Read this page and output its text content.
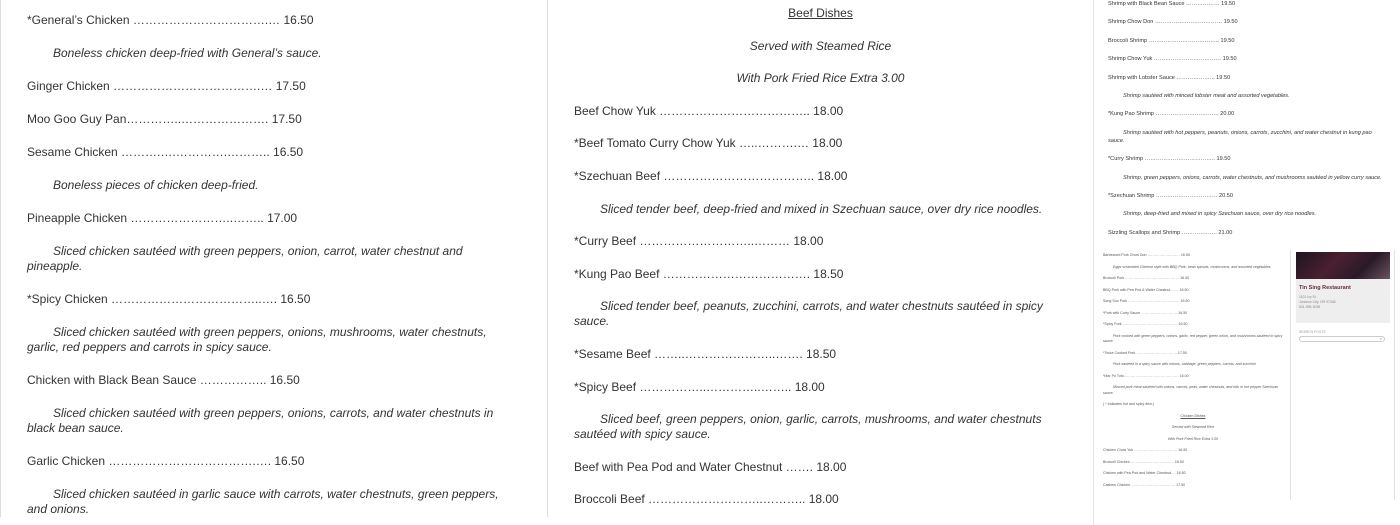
*General’s Chicken …………………………….… 16.50

Boneless chicken deep-fried with General’s sauce.

Ginger Chicken ……………………………….… 17.50

Moo Goo Guy Pan…………..…………………. 17.50

Sesame Chicken ……….….………….……….. 16.50

Boneless pieces of chicken deep-fried.

Pineapple Chicken ……………………..…….. 17.00

Sliced chicken sautéed with green peppers, onion, carrot, water chestnut and pineapple.

*Spicy Chicken ………………………………..…. 16.50

Sliced chicken sautéed with green peppers, onions, mushrooms, water chestnuts, garlic, red peppers and carrots in spicy sauce.

Chicken with Black Bean Sauce …………….. 16.50

Sliced chicken sautéed with green peppers, onions, carrots, and water chestnuts in black bean sauce.

Garlic Chicken ……………………………….…. 16.50

Sliced chicken sautéed in garlic sauce with carrots, water chestnuts, green peppers, and onions.

Beef Dishes

Served with Steamed Rice

With Pork Fried Rice Extra 3.00

Beef Chow Yuk ……………………………….. 18.00

*Beef Tomato Curry Chow Yuk …..……….… 18.00

*Szechuan Beef ……………………………….. 18.00

Sliced tender beef, deep-fried and mixed in Szechuan sauce, over dry rice noodles.

*Curry Beef ………………………..……… 18.00

*Kung Pao Beef ………………………………. 18.50

Sliced tender beef, peanuts, zucchini, carrots, and water chestnuts sautéed in spicy sauce.

*Sesame Beef ……..…………………..……. 18.50

*Spicy Beef ……………..…………..…….. 18.00

Sliced beef, green peppers, onion, garlic, carrots, mushrooms, and water chestnuts sautéed with spicy sauce.

Beef with Pea Pod and Water Chestnut ……. 18.00

Broccoli Beef ………………………..……….. 18.00

Shrimp with Black Bean Sauce ……………… 19.50

Shrimp Chow Don ……………………………… 19.50

Broccoli Shrimp ……………………………….. 19.50

Shrimp Chow Yuk ……………………………… 19.50

Shrimp with Lobster Sauce …………….….. 19.50

Shrimp sautéed with minced lobster meat and assorted vegetables.

*Kung Pao Shrimp ……………………………. 20.00

Shrimp sautéed with hot peppers, peanuts, onions, carrots, zucchini, and water chestnut in kung pao sauce.

*Curry Shrimp ……………………………….. 19.50

Shrimp, green peppers, onions, carrots, water chestnuts, and mushrooms sautéed in yellow curry sauce.

*Szechuan Shrimp …………………………… 20.50

Shrimp, deep-fried and mixed in spicy Szechuan sauce, over dry rice noodles.

Sizzling Scallops and Shrimp ………………. 21.00

Barbecued Pork Chow Don ……………………… 16.50

Eggs scrambled Chinese style with BBQ Pork, bean sprouts, mushrooms, and assorted vegetables.

Broccoli Pork ……………………………………… 16.50

BBQ Pork with Pea Pod & Water Chestnut …… 16.50

Song Soo Pork ……………………………………. 16.50

*Pork with Curry Sauce ………………………… 16.50

*Spicy Pork ………………………………………. 16.50

Pork cooked with green peppers, onions, garlic, red pepper, green onion, and mushrooms sautéed in spicy sauce.

*Twice Cooked Pork ……………………………. 17.50

Pork sautéed in a spicy sauce with onions, cabbage, green peppers, carrots, and zucchini

*Mar Po Tofu ……………………………………… 16.00

Minced pork meat sautéed with onions, carrots, peas, water chestnuts, and tofu in hot pepper Szechuan sauce.

( * Indicates hot and spicy dish.)

Chicken Dishes

Served with Steamed Rice

With Pork Fried Rice Extra 3.00

Chicken Chow Yuk ……………………………… 16.50

Broccoli Chicken ……………………………… 16.50

Chicken with Pea Pod and Water Chestnut…. 16.50

Cashew Chicken ………………………………. 17.50

Tin Sing Restaurant
1101 Ivy St.
Junction City, OR 97448
541-998-3038
SEARCH POSTS
⚲
